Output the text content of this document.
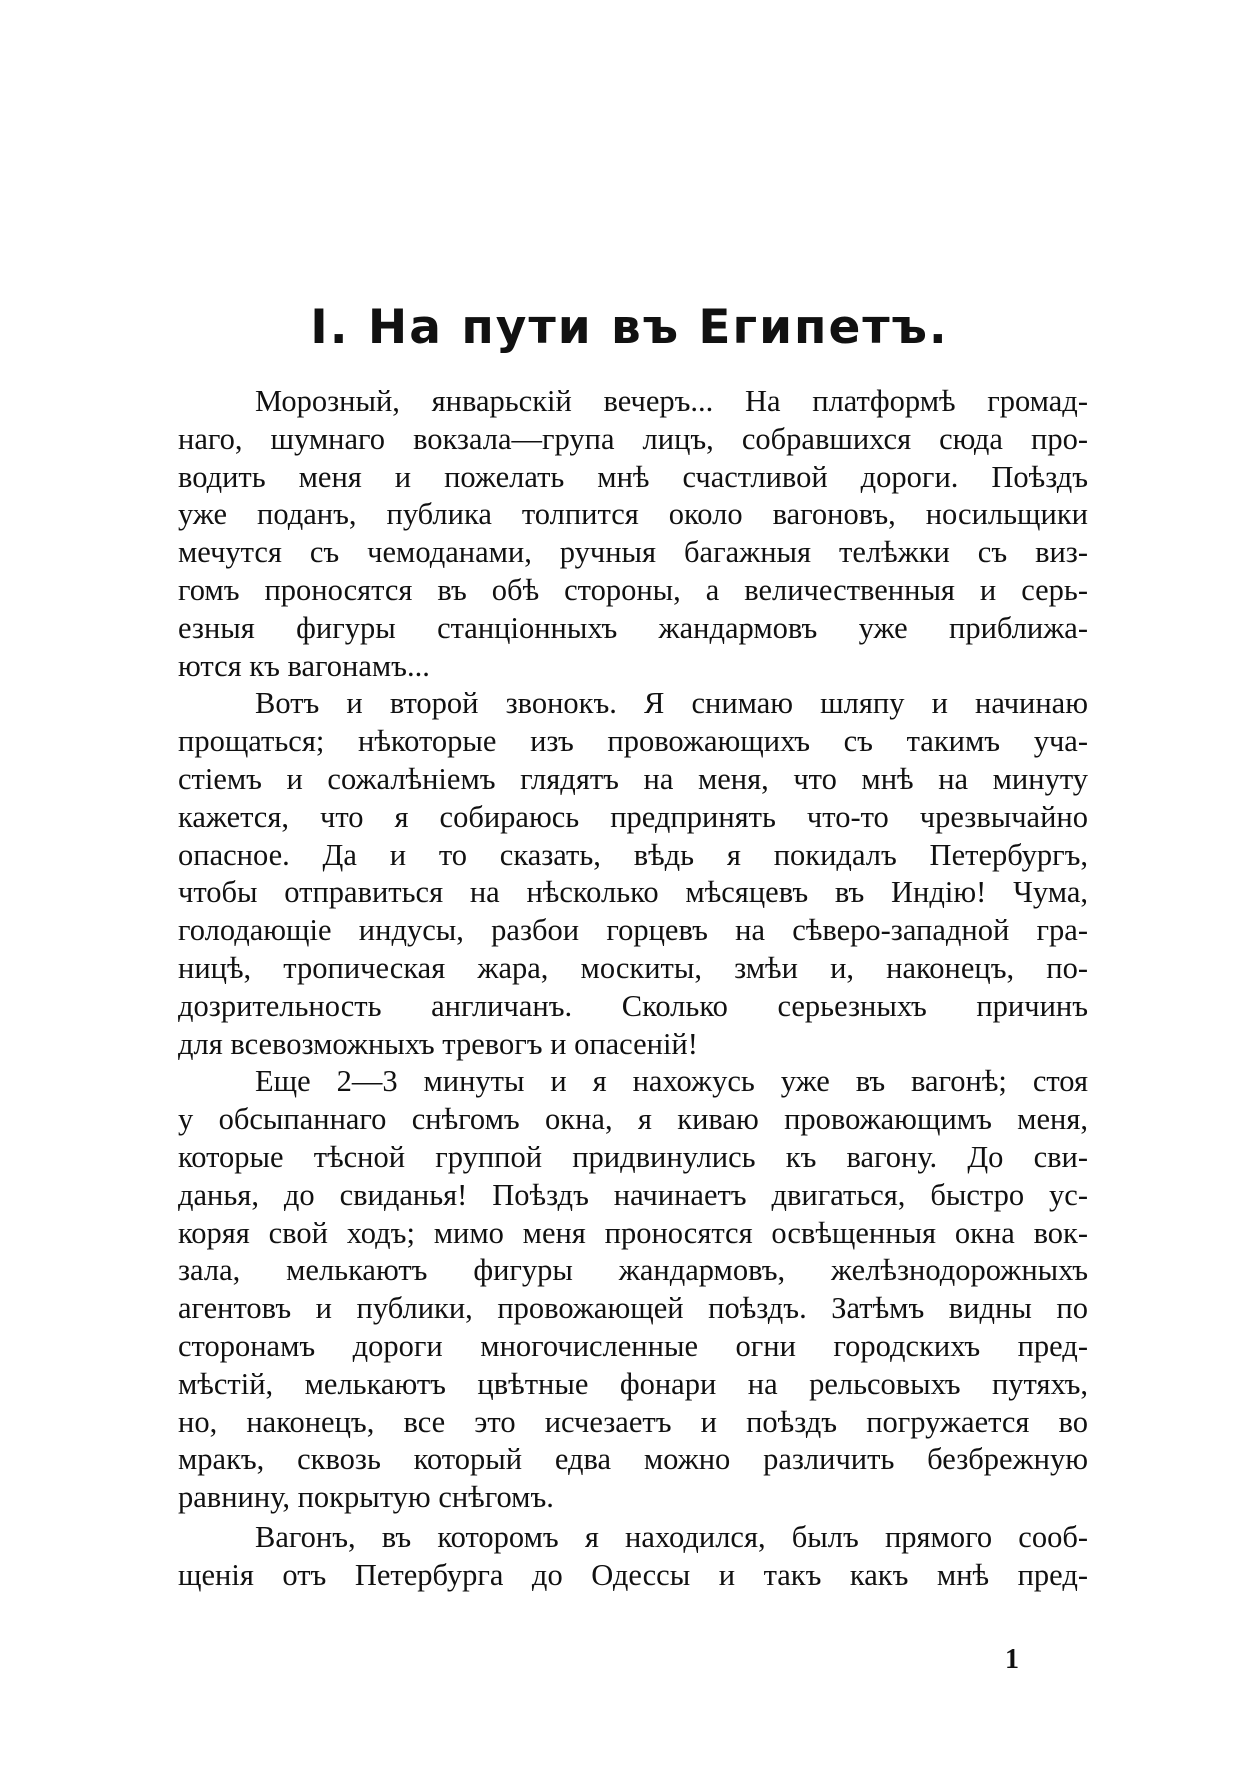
I. На пути въ Египетъ.
Морозный, январьскій вечеръ... На платформѣ громад-
наго, шумнаго вокзала—група лицъ, собравшихся сюда про-
водить меня и пожелать мнѣ счастливой дороги. Поѣздъ
уже поданъ, публика толпится около вагоновъ, носильщики
мечутся съ чемоданами, ручныя багажныя телѣжки съ виз-
гомъ проносятся въ обѣ стороны, а величественныя и серь-
езныя фигуры станціонныхъ жандармовъ уже приближа-
ются къ вагонамъ...
Вотъ и второй звонокъ. Я снимаю шляпу и начинаю
прощаться; нѣкоторые изъ провожающихъ съ такимъ уча-
стіемъ и сожалѣніемъ глядятъ на меня, что мнѣ на минуту
кажется, что я собираюсь предпринять что-то чрезвычайно
опасное. Да и то сказать, вѣдь я покидалъ Петербургъ,
чтобы отправиться на нѣсколько мѣсяцевъ въ Индію! Чума,
голодающіе индусы, разбои горцевъ на сѣверо-западной гра-
ницѣ, тропическая жара, москиты, змѣи и, наконецъ, по-
дозрительность англичанъ. Сколько серьезныхъ причинъ
для всевозможныхъ тревогъ и опасеній!
Еще 2—3 минуты и я нахожусь уже въ вагонѣ; стоя
у обсыпаннаго снѣгомъ окна, я киваю провожающимъ меня,
которые тѣсной группой придвинулись къ вагону. До сви-
данья, до свиданья! Поѣздъ начинаетъ двигаться, быстро ус-
коряя свой ходъ; мимо меня проносятся освѣщенныя окна вок-
зала, мелькаютъ фигуры жандармовъ, желѣзнодорожныхъ
агентовъ и публики, провожающей поѣздъ. Затѣмъ видны по
сторонамъ дороги многочисленные огни городскихъ пред-
мѣстій, мелькаютъ цвѣтные фонари на рельсовыхъ путяхъ,
но, наконецъ, все это исчезаетъ и поѣздъ погружается во
мракъ, сквозь который едва можно различить безбрежную
равнину, покрытую снѣгомъ.
Вагонъ, въ которомъ я находился, былъ прямого сооб-
щенія отъ Петербурга до Одессы и такъ какъ мнѣ пред-
1
